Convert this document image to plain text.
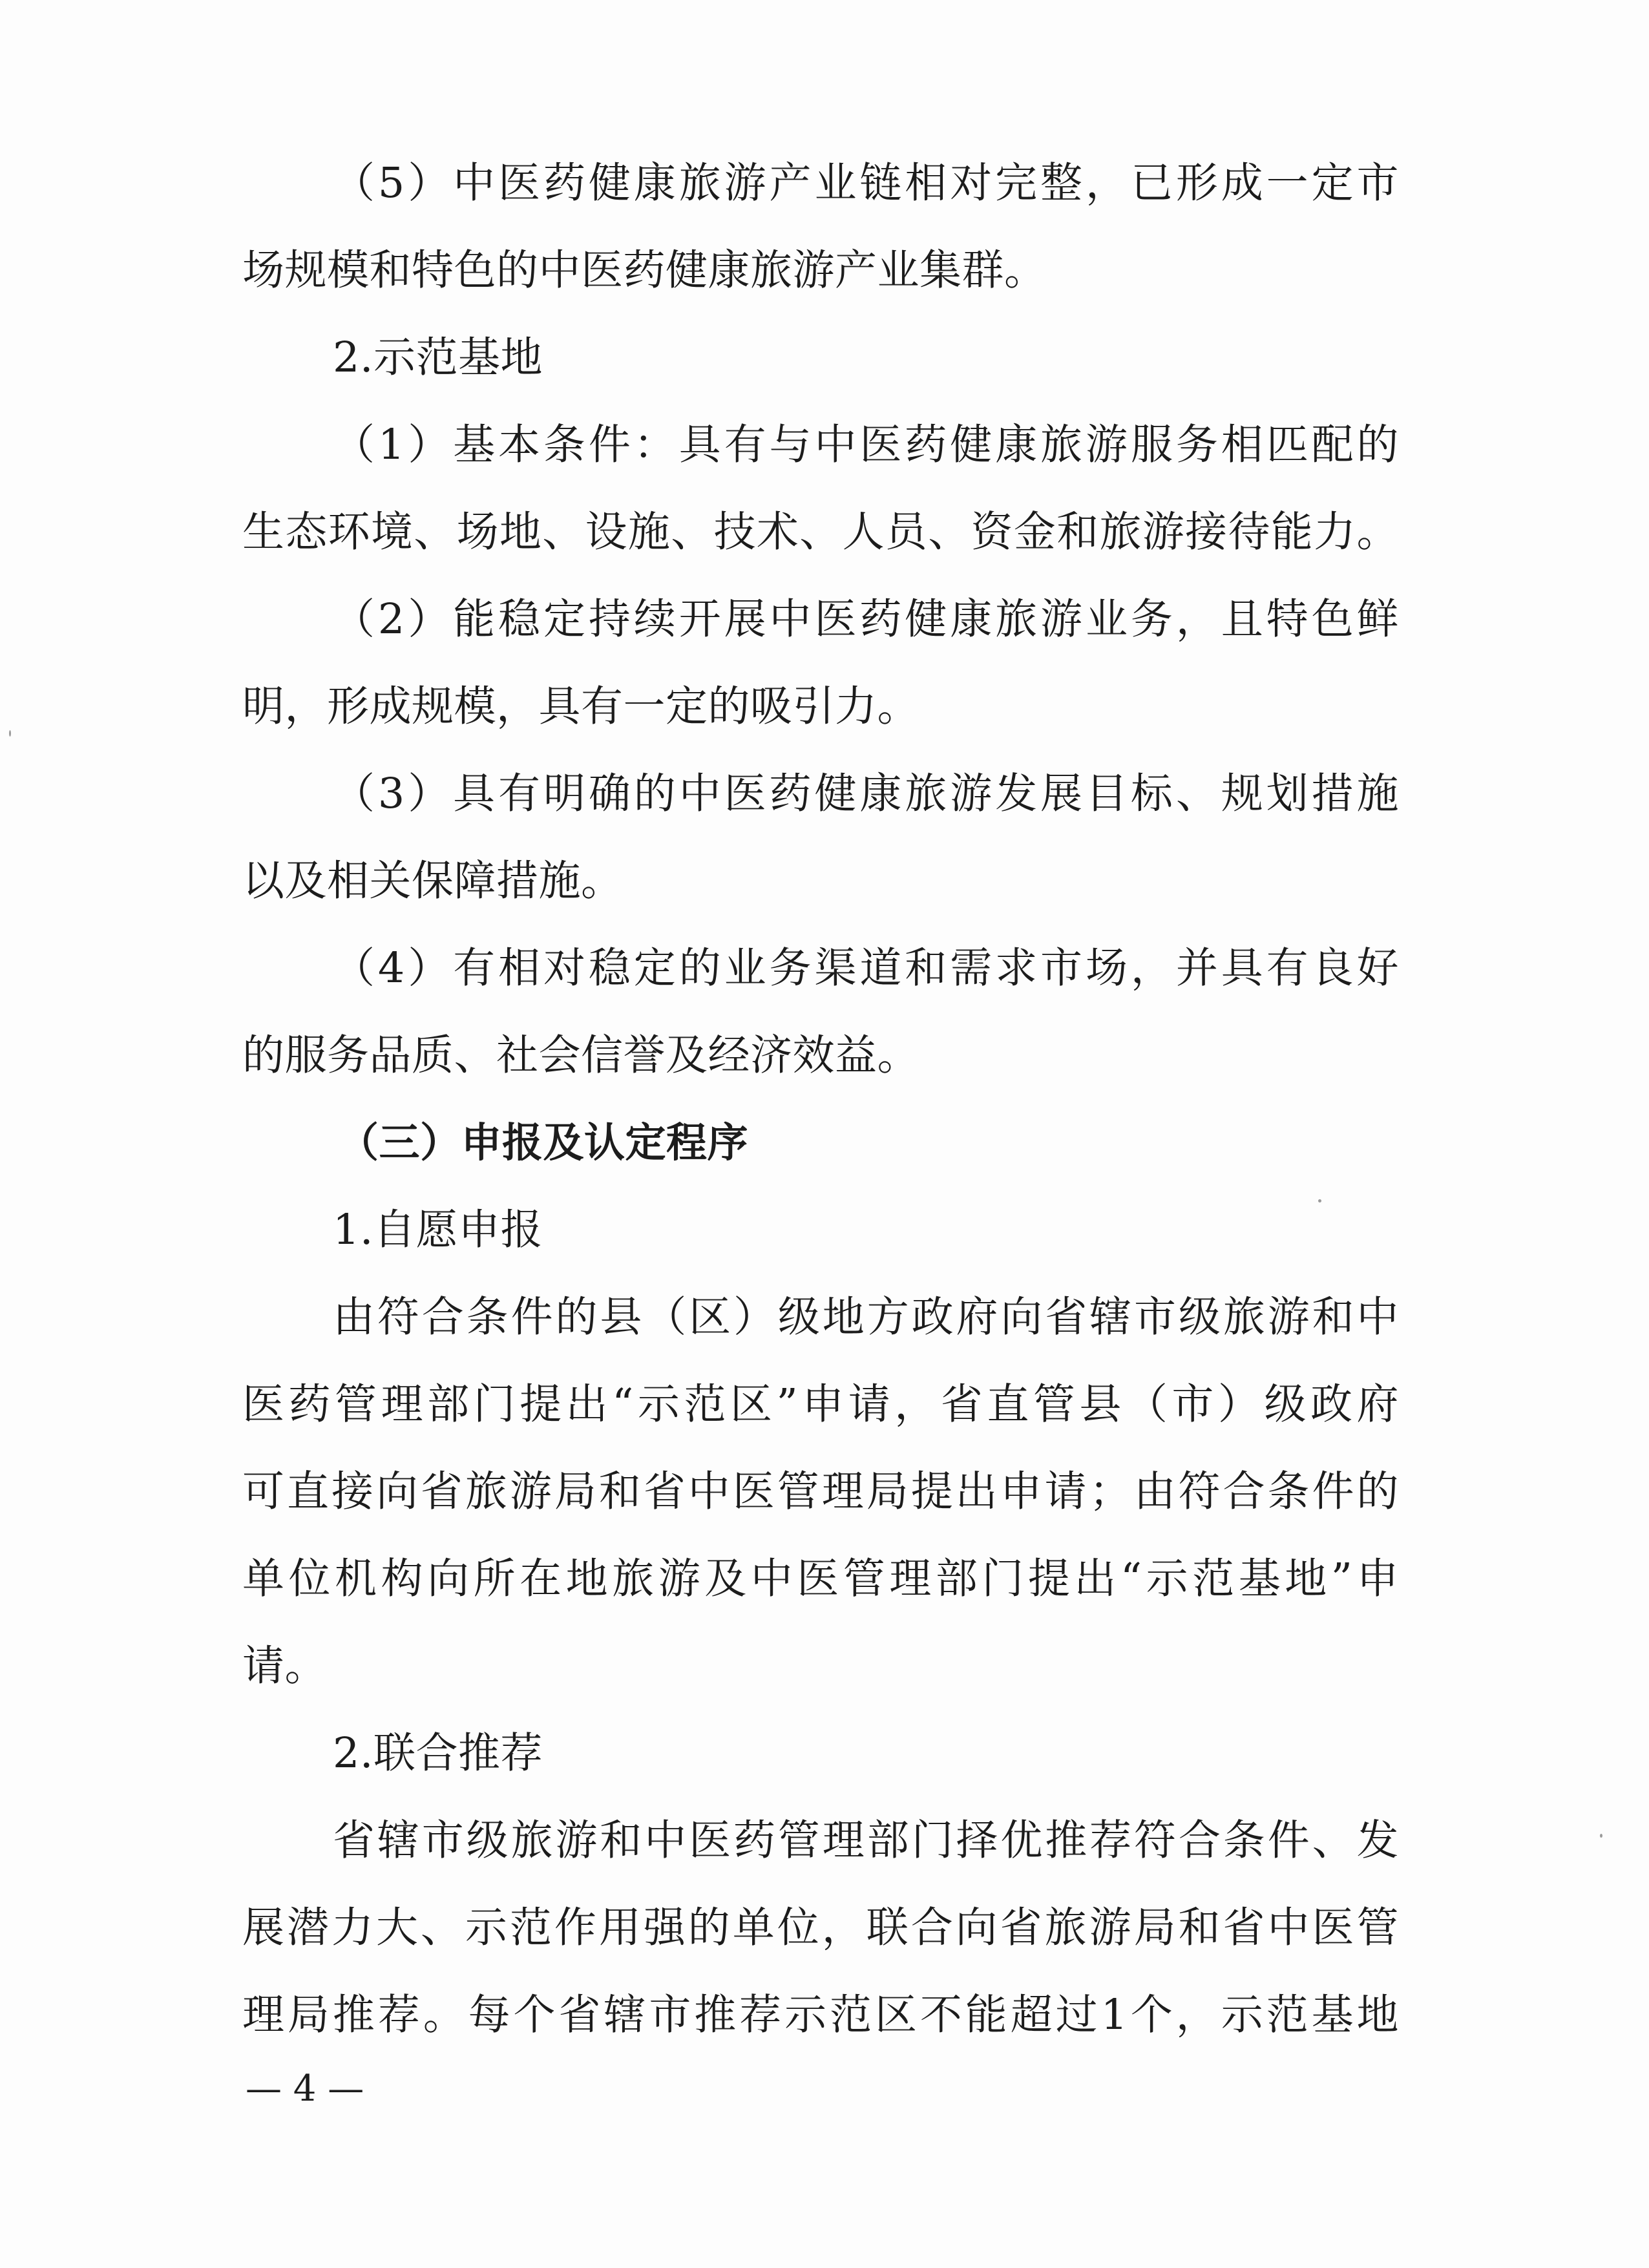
（5）中医药健康旅游产业链相对完整，已形成一定市
场规模和特色的中医药健康旅游产业集群。
2.示范基地
（1）基本条件：具有与中医药健康旅游服务相匹配的
生态环境、场地、设施、技术、人员、资金和旅游接待能力。
（2）能稳定持续开展中医药健康旅游业务，且特色鲜
明，形成规模，具有一定的吸引力。
（3）具有明确的中医药健康旅游发展目标、规划措施
以及相关保障措施。
（4）有相对稳定的业务渠道和需求市场，并具有良好
的服务品质、社会信誉及经济效益。
（三）申报及认定程序
1.自愿申报
由符合条件的县（区）级地方政府向省辖市级旅游和中
医药管理部门提出“示范区”申请，省直管县（市）级政府
可直接向省旅游局和省中医管理局提出申请；由符合条件的
单位机构向所在地旅游及中医管理部门提出“示范基地”申
请。
2.联合推荐
省辖市级旅游和中医药管理部门择优推荐符合条件、发
展潜力大、示范作用强的单位，联合向省旅游局和省中医管
理局推荐。每个省辖市推荐示范区不能超过1个，示范基地
— 4 —
